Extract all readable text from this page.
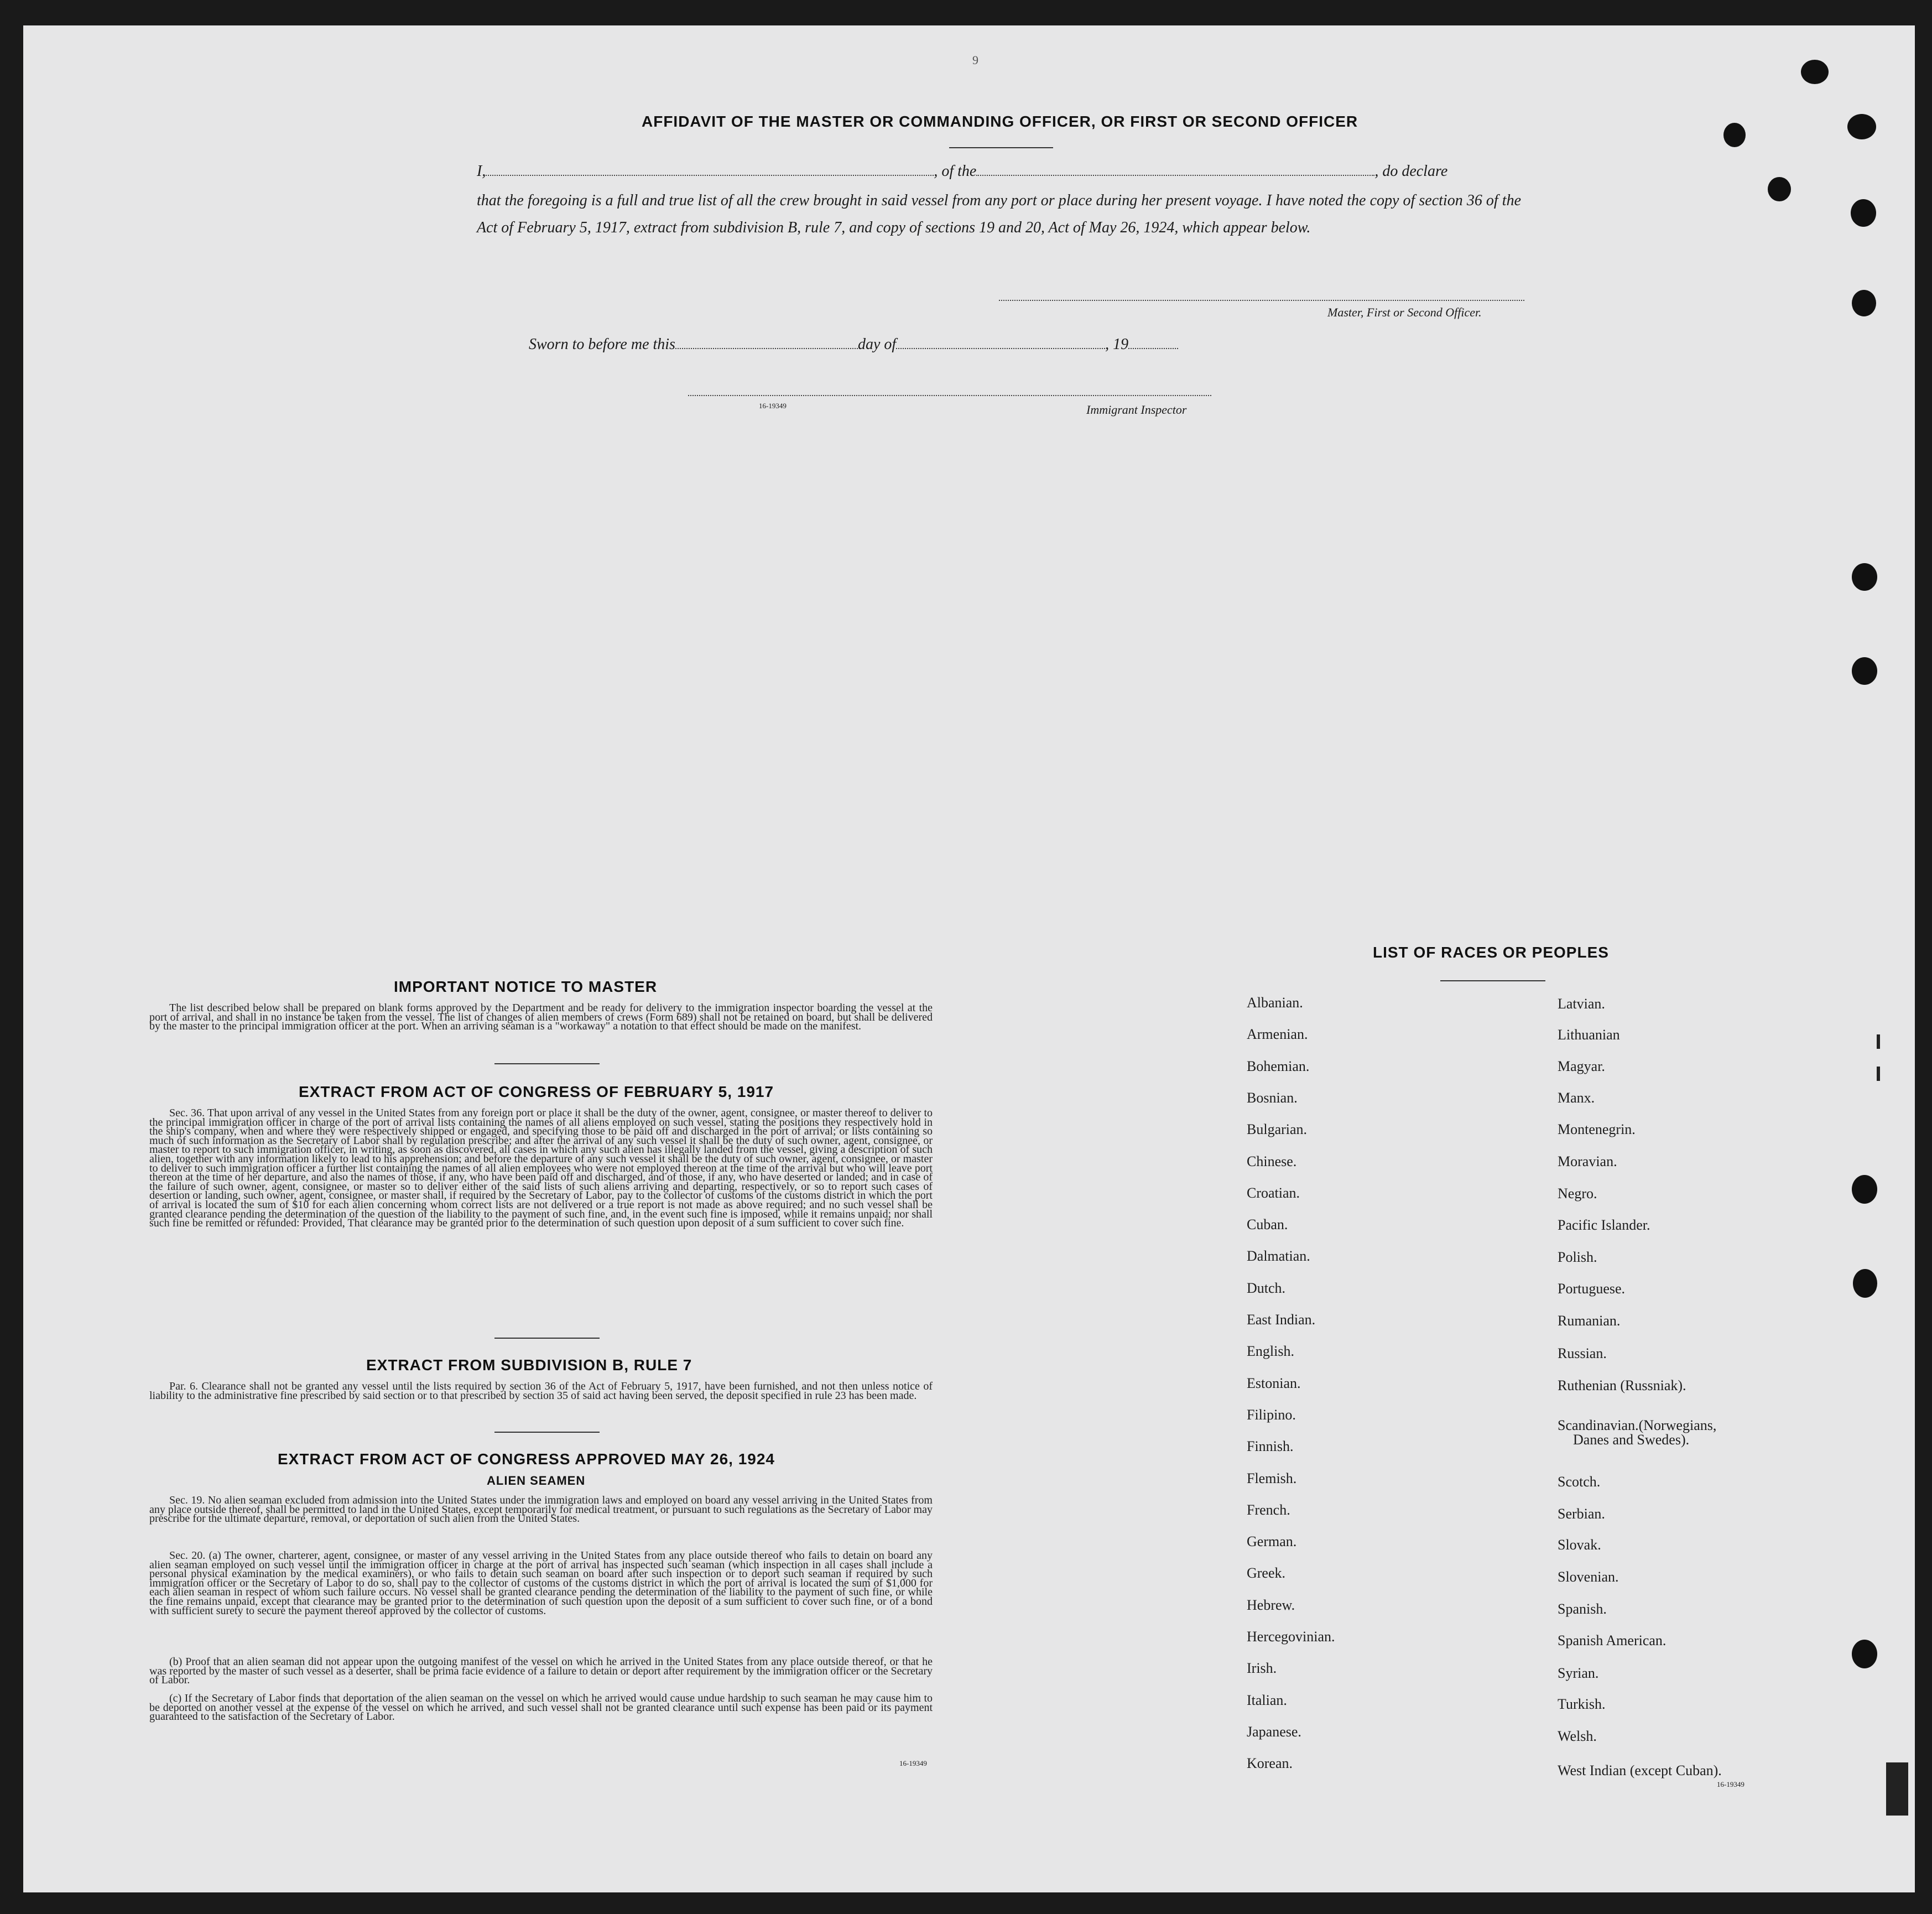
9
AFFIDAVIT OF THE MASTER OR COMMANDING OFFICER, OR FIRST OR SECOND OFFICER
I,	, of the	, do declare
that the foregoing is a full and true list of all the crew brought in said vessel from any port or place during her present voyage. I have noted the copy of section 36 of the Act of February 5, 1917, extract from subdivision B, rule 7, and copy of sections 19 and 20, Act of May 26, 1924, which appear below.
Master, First or Second Officer.
Sworn to before me this	day of	, 19
16-19349	Immigrant Inspector
IMPORTANT NOTICE TO MASTER

The list described below shall be prepared on blank forms approved by the Department and be ready for delivery to the immigration inspector boarding the vessel at the port of arrival, and shall in no instance be taken from the vessel. The list of changes of alien members of crews (Form 689) shall not be retained on board, but shall be delivered by the master to the principal immigration officer at the port. When an arriving seaman is a "workaway" a notation to that effect should be made on the manifest.

EXTRACT FROM ACT OF CONGRESS OF FEBRUARY 5, 1917

Sec. 36. That upon arrival of any vessel in the United States from any foreign port or place it shall be the duty of the owner, agent, consignee, or master thereof to deliver to the principal immigration officer in charge of the port of arrival lists containing the names of all aliens employed on such vessel, stating the positions they respectively hold in the ship's company, when and where they were respectively shipped or engaged, and specifying those to be paid off and discharged in the port of arrival; or lists containing so much of such information as the Secretary of Labor shall by regulation prescribe; and after the arrival of any such vessel it shall be the duty of such owner, agent, consignee, or master to report to such immigration officer, in writing, as soon as discovered, all cases in which any such alien has illegally landed from the vessel, giving a description of such alien, together with any information likely to lead to his apprehension; and before the departure of any such vessel it shall be the duty of such owner, agent, consignee, or master to deliver to such immigration officer a further list containing the names of all alien employees who were not employed thereon at the time of the arrival but who will leave port thereon at the time of her departure, and also the names of those, if any, who have been paid off and discharged, and of those, if any, who have deserted or landed; and in case of the failure of such owner, agent, consignee, or master so to deliver either of the said lists of such aliens arriving and departing, respectively, or so to report such cases of desertion or landing, such owner, agent, consignee, or master shall, if required by the Secretary of Labor, pay to the collector of customs of the customs district in which the port of arrival is located the sum of $10 for each alien concerning whom correct lists are not delivered or a true report is not made as above required; and no such vessel shall be granted clearance pending the determination of the question of the liability to the payment of such fine, and, in the event such fine is imposed, while it remains unpaid; nor shall such fine be remitted or refunded: Provided, That clearance may be granted prior to the determination of such question upon deposit of a sum sufficient to cover such fine.

EXTRACT FROM SUBDIVISION B, RULE 7

Par. 6. Clearance shall not be granted any vessel until the lists required by section 36 of the Act of February 5, 1917, have been furnished, and not then unless notice of liability to the administrative fine prescribed by said section or to that prescribed by section 35 of said act having been served, the deposit specified in rule 23 has been made.

EXTRACT FROM ACT OF CONGRESS APPROVED MAY 26, 1924
ALIEN SEAMEN

Sec. 19. No alien seaman excluded from admission into the United States under the immigration laws and employed on board any vessel arriving in the United States from any place outside thereof, shall be permitted to land in the United States, except temporarily for medical treatment, or pursuant to such regulations as the Secretary of Labor may prescribe for the ultimate departure, removal, or deportation of such alien from the United States.

Sec. 20. (a) The owner, charterer, agent, consignee, or master of any vessel arriving in the United States from any place outside thereof who fails to detain on board any alien seaman employed on such vessel until the immigration officer in charge at the port of arrival has inspected such seaman (which inspection in all cases shall include a personal physical examination by the medical examiners), or who fails to detain such seaman on board after such inspection or to deport such seaman if required by such immigration officer or the Secretary of Labor to do so, shall pay to the collector of customs of the customs district in which the port of arrival is located the sum of $1,000 for each alien seaman in respect of whom such failure occurs. No vessel shall be granted clearance pending the determination of the liability to the payment of such fine, or while the fine remains unpaid, except that clearance may be granted prior to the determination of such question upon the deposit of a sum sufficient to cover such fine, or of a bond with sufficient surety to secure the payment thereof approved by the collector of customs.

(b) Proof that an alien seaman did not appear upon the outgoing manifest of the vessel on which he arrived in the United States from any place outside thereof, or that he was reported by the master of such vessel as a deserter, shall be prima facie evidence of a failure to detain or deport after requirement by the immigration officer or the Secretary of Labor.

(c) If the Secretary of Labor finds that deportation of the alien seaman on the vessel on which he arrived would cause undue hardship to such seaman he may cause him to be deported on another vessel at the expense of the vessel on which he arrived, and such vessel shall not be granted clearance until such expense has been paid or its payment guaranteed to the satisfaction of the Secretary of Labor.

16-19349
LIST OF RACES OR PEOPLES
Albanian.
Armenian.
Bohemian.
Bosnian.
Bulgarian.
Chinese.
Croatian.
Cuban.
Dalmatian.
Dutch.
East Indian.
English.
Estonian.
Filipino.
Finnish.
Flemish.
French.
German.
Greek.
Hebrew.
Hercegovinian.
Irish.
Italian.
Japanese.
Korean.
Latvian.
Lithuanian
Magyar.
Manx.
Montenegrin.
Moravian.
Negro.
Pacific Islander.
Polish.
Portuguese.
Rumanian.
Russian.
Ruthenian (Russniak).
Scandinavian.(Norwegians,
Danes and Swedes).
Scotch.
Serbian.
Slovak.
Slovenian.
Spanish.
Spanish American.
Syrian.
Turkish.
Welsh.
West Indian (except Cuban).
16-19349
